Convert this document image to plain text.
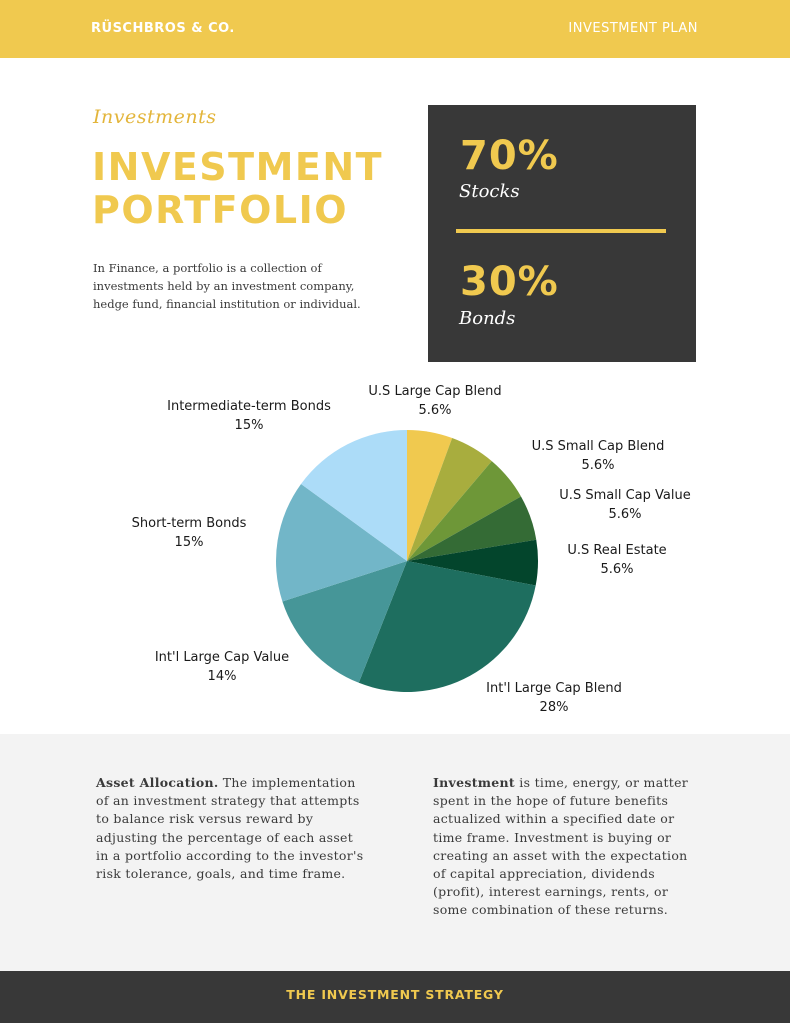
RÜSCHBROS & CO.	INVESTMENT PLAN
Investments
INVESTMENT PORTFOLIO
In Finance, a portfolio is a collection of investments held by an investment company, hedge fund, financial institution or individual.
70%
Stocks
30%
Bonds
U.S Large Cap Blend
5.6%
U.S Small Cap Blend
5.6%
U.S Small Cap Value
5.6%
U.S Real Estate
5.6%
Int'l Large Cap Blend
28%
Int'l Large Cap Value
14%
Short-term Bonds
15%
Intermediate-term Bonds
15%
Asset Allocation. The implementation of an investment strategy that attempts to balance risk versus reward by adjusting the percentage of each asset in a portfolio according to the investor's risk tolerance, goals, and time frame.
Investment is time, energy, or matter spent in the hope of future benefits actualized within a specified date or time frame. Investment is buying or creating an asset with the expectation of capital appreciation, dividends (profit), interest earnings, rents, or some combination of these returns.
THE INVESTMENT STRATEGY
